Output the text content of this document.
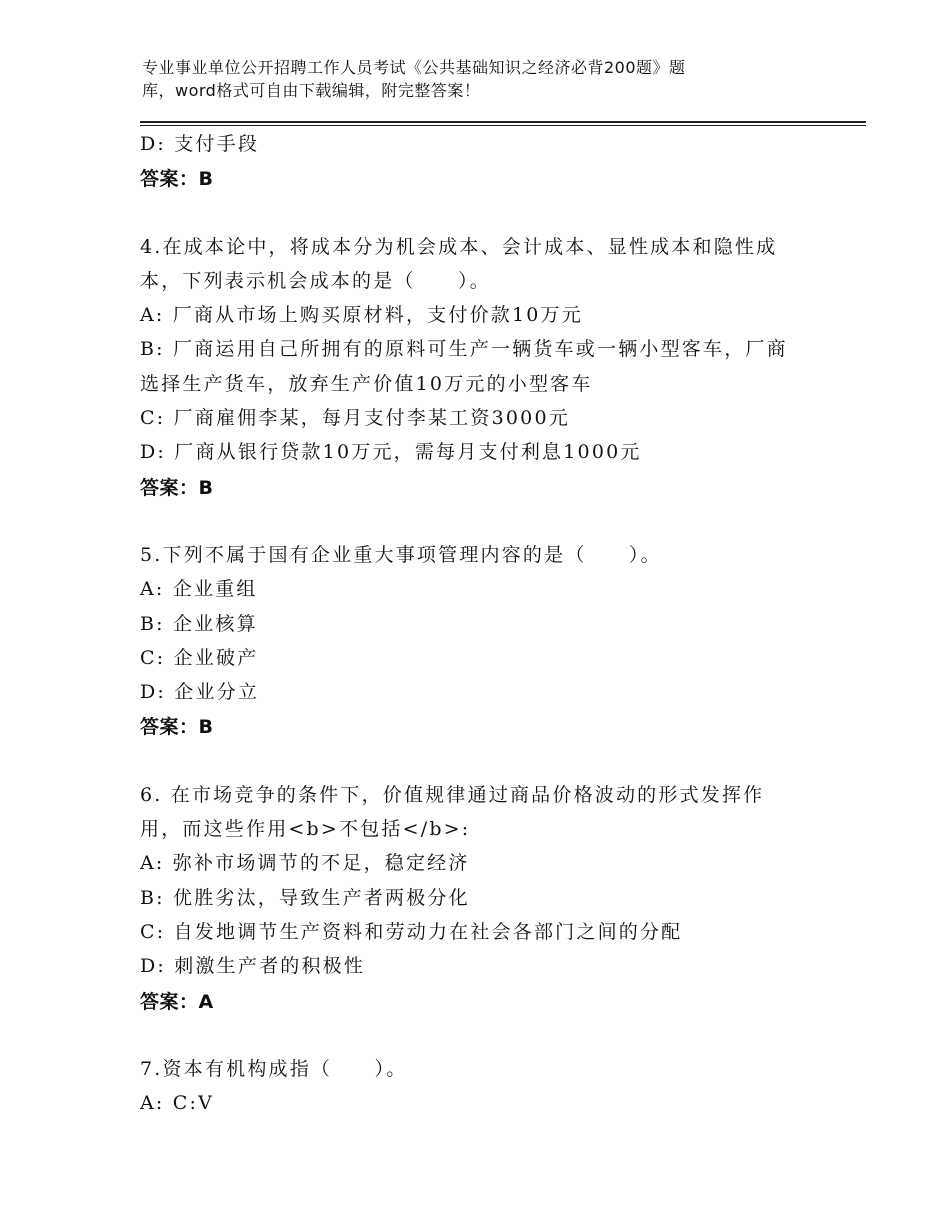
专业事业单位公开招聘工作人员考试《公共基础知识之经济必背200题》题
库，word格式可自由下载编辑，附完整答案！
D: 支付手段
答案：B
4.在成本论中，将成本分为机会成本、会计成本、显性成本和隐性成
本，下列表示机会成本的是（　　）。
A: 厂商从市场上购买原材料，支付价款10万元
B: 厂商运用自己所拥有的原料可生产一辆货车或一辆小型客车，厂商
选择生产货车，放弃生产价值10万元的小型客车
C: 厂商雇佣李某，每月支付李某工资3000元
D: 厂商从银行贷款10万元，需每月支付利息1000元
答案：B
5.下列不属于国有企业重大事项管理内容的是（　　）。
A: 企业重组
B: 企业核算
C: 企业破产
D: 企业分立
答案：B
6. 在市场竞争的条件下，价值规律通过商品价格波动的形式发挥作
用，而这些作用<b>不包括</b>:
A: 弥补市场调节的不足，稳定经济
B: 优胜劣汰，导致生产者两极分化
C: 自发地调节生产资料和劳动力在社会各部门之间的分配
D: 刺激生产者的积极性
答案：A
7.资本有机构成指（　　）。
A: C:V
